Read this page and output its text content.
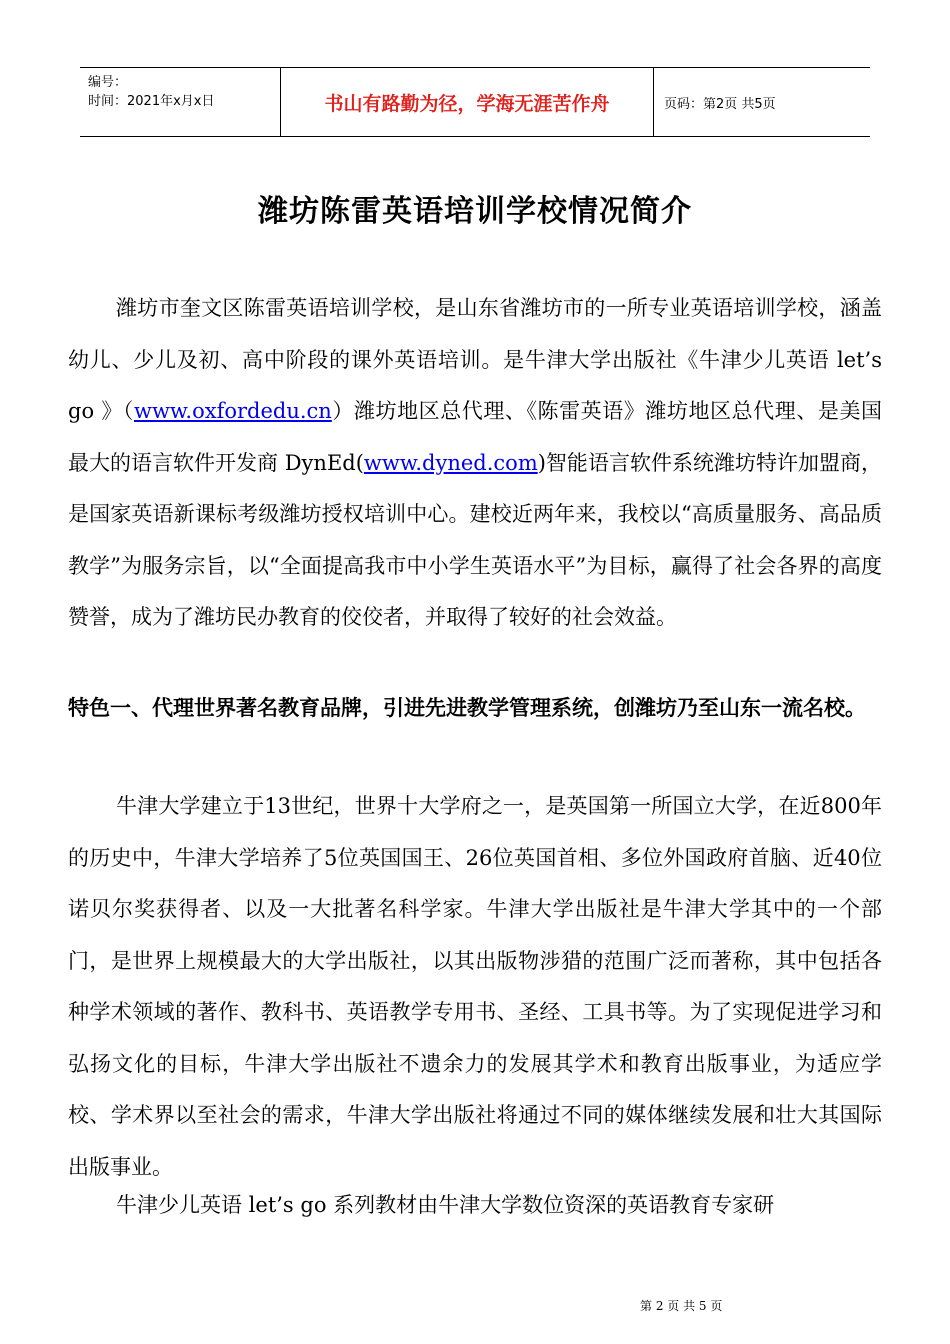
编号：
时间：2021年x月x日	书山有路勤为径，学海无涯苦作舟	页码：第2页 共5页
潍坊陈雷英语培训学校情况简介

潍坊市奎文区陈雷英语培训学校，是山东省潍坊市的一所专业英语培训学校，涵盖幼儿、少儿及初、高中阶段的课外英语培训。是牛津大学出版社《牛津少儿英语 let’s go 》（www.oxfordedu.cn）潍坊地区总代理、《陈雷英语》潍坊地区总代理、是美国最大的语言软件开发商 DynEd(www.dyned.com)智能语言软件系统潍坊特许加盟商，是国家英语新课标考级潍坊授权培训中心。建校近两年来，我校以“高质量服务、高品质教学”为服务宗旨，以“全面提高我市中小学生英语水平”为目标，赢得了社会各界的高度赞誉，成为了潍坊民办教育的佼佼者，并取得了较好的社会效益。

特色一、代理世界著名教育品牌，引进先进教学管理系统，创潍坊乃至山东一流名校。

牛津大学建立于13世纪，世界十大学府之一，是英国第一所国立大学，在近800年的历史中，牛津大学培养了5位英国国王、26位英国首相、多位外国政府首脑、近40位诺贝尔奖获得者、以及一大批著名科学家。牛津大学出版社是牛津大学其中的一个部门，是世界上规模最大的大学出版社，以其出版物涉猎的范围广泛而著称，其中包括各种学术领域的著作、教科书、英语教学专用书、圣经、工具书等。为了实现促进学习和弘扬文化的目标，牛津大学出版社不遗余力的发展其学术和教育出版事业，为适应学校、学术界以至社会的需求，牛津大学出版社将通过不同的媒体继续发展和壮大其国际出版事业。

牛津少儿英语 let’s go 系列教材由牛津大学数位资深的英语教育专家研

第 2 页 共 5 页
